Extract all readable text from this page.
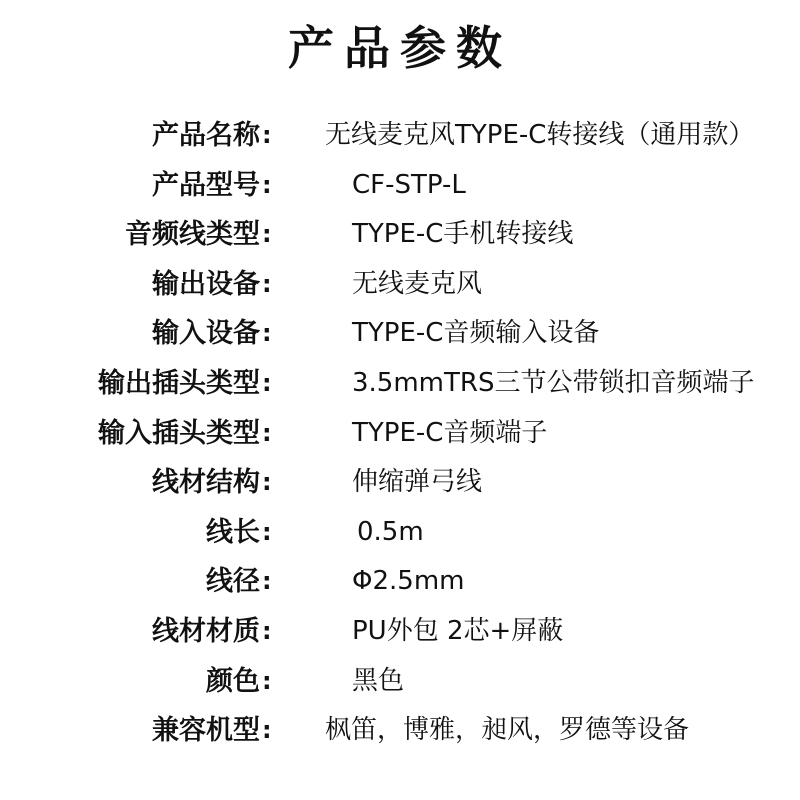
产品参数
产品名称 : 无线麦克风TYPE-C转接线（通用款）
产品型号 :	CF-STP-L
音频线类型 :	TYPE-C手机转接线
输出设备 :	无线麦克风
输入设备 :	TYPE-C音频输入设备
输出插头类型 :	3.5mmTRS三节公带锁扣音频端子
输入插头类型 :	TYPE-C音频端子
线材结构 :	伸缩弹弓线
线长 :	0.5m
线径 :	Φ2.5mm
线材材质 :	PU外包 2芯+屏蔽
颜色 :	黑色
兼容机型 : 枫笛，博雅，昶风，罗德等设备
